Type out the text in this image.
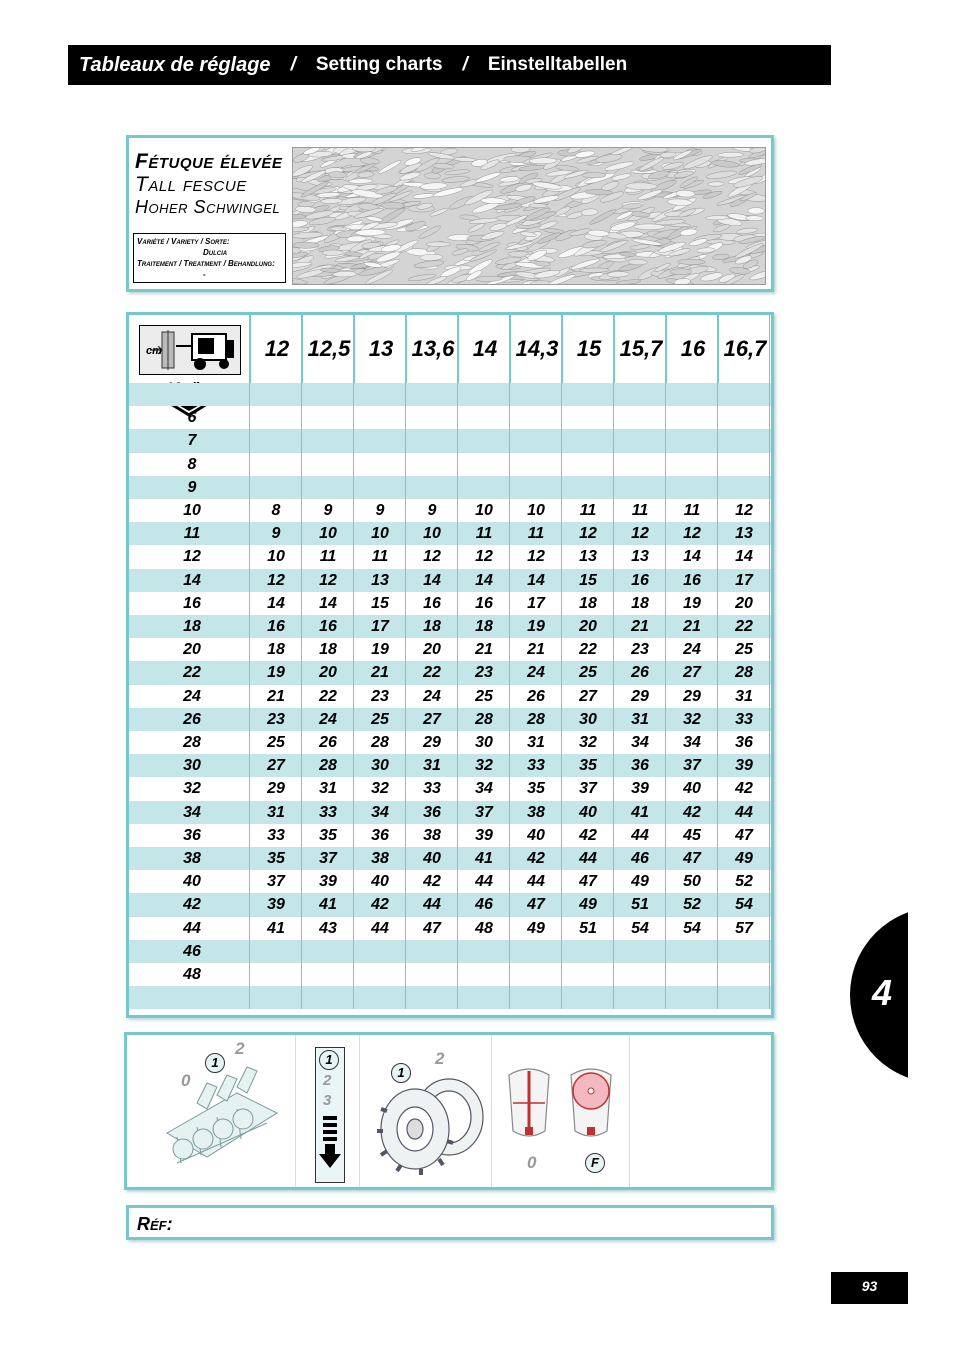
Tableaux de réglage	/	Setting charts	/	Einstelltabellen
Fétuque élevée
Tall fescue
Hoher Schwingel
Variété / Variety / Sorte:
Dulcia
Traitement / Treatment / Behandlung:
-
cm	12 12,5 13 13,6 14 14,3 15 15,7 16 16,7
6
7
8
9
10	8	9	9	9	10	10	11	11	11	12
11	9	10	10	10	11	11	12	12	12	13
12	10	11	11	12	12	12	13	13	14	14
14	12	12	13	14	14	14	15	16	16	17
16	14	14	15	16	16	17	18	18	19	20
18	16	16	17	18	18	19	20	21	21	22
20	18	18	19	20	21	21	22	23	24	25
22	19	20	21	22	23	24	25	26	27	28
24	21	22	23	24	25	26	27	29	29	31
26	23	24	25	27	28	28	30	31	32	33
28	25	26	28	29	30	31	32	34	34	36
30	27	28	30	31	32	33	35	36	37	39
32	29	31	32	33	34	35	37	39	40	42
34	31	33	34	36	37	38	40	41	42	44
36	33	35	36	38	39	40	42	44	45	47
38	35	37	38	40	41	42	44	46	47	49
40	37	39	40	42	44	44	47	49	50	52
42	39	41	42	44	46	47	49	51	52	54
44	41	43	44	47	48	49	51	54	54	57
46
48
1
2
0
1
2
3
1
2
0	F
Réf:
4
93
